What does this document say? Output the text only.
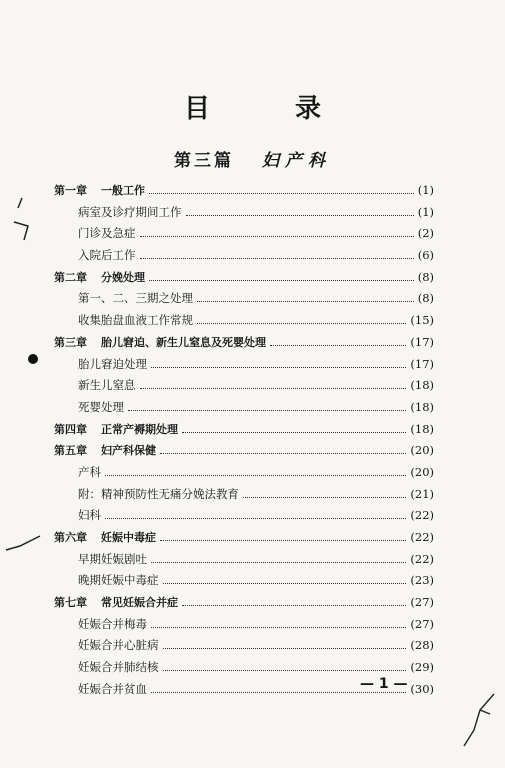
目 录
第三篇 妇产科
第一章 一般工作	(1)
病室及诊疗期间工作	(1)
门诊及急症	(2)
入院后工作	(6)
第二章 分娩处理	(8)
第一、二、三期之处理	(8)
收集胎盘血液工作常规	(15)
第三章 胎儿窘迫、新生儿窒息及死婴处理	(17)
胎儿窘迫处理	(17)
新生儿窒息	(18)
死婴处理	(18)
第四章 正常产褥期处理	(18)
第五章 妇产科保健	(20)
产科	(20)
附：精神预防性无痛分娩法教育	(21)
妇科	(22)
第六章 妊娠中毒症	(22)
早期妊娠剧吐	(22)
晚期妊娠中毒症	(23)
第七章 常见妊娠合并症	(27)
妊娠合并梅毒	(27)
妊娠合并心脏病	(28)
妊娠合并肺结核	(29)
妊娠合并贫血	(30)
— 1 —
